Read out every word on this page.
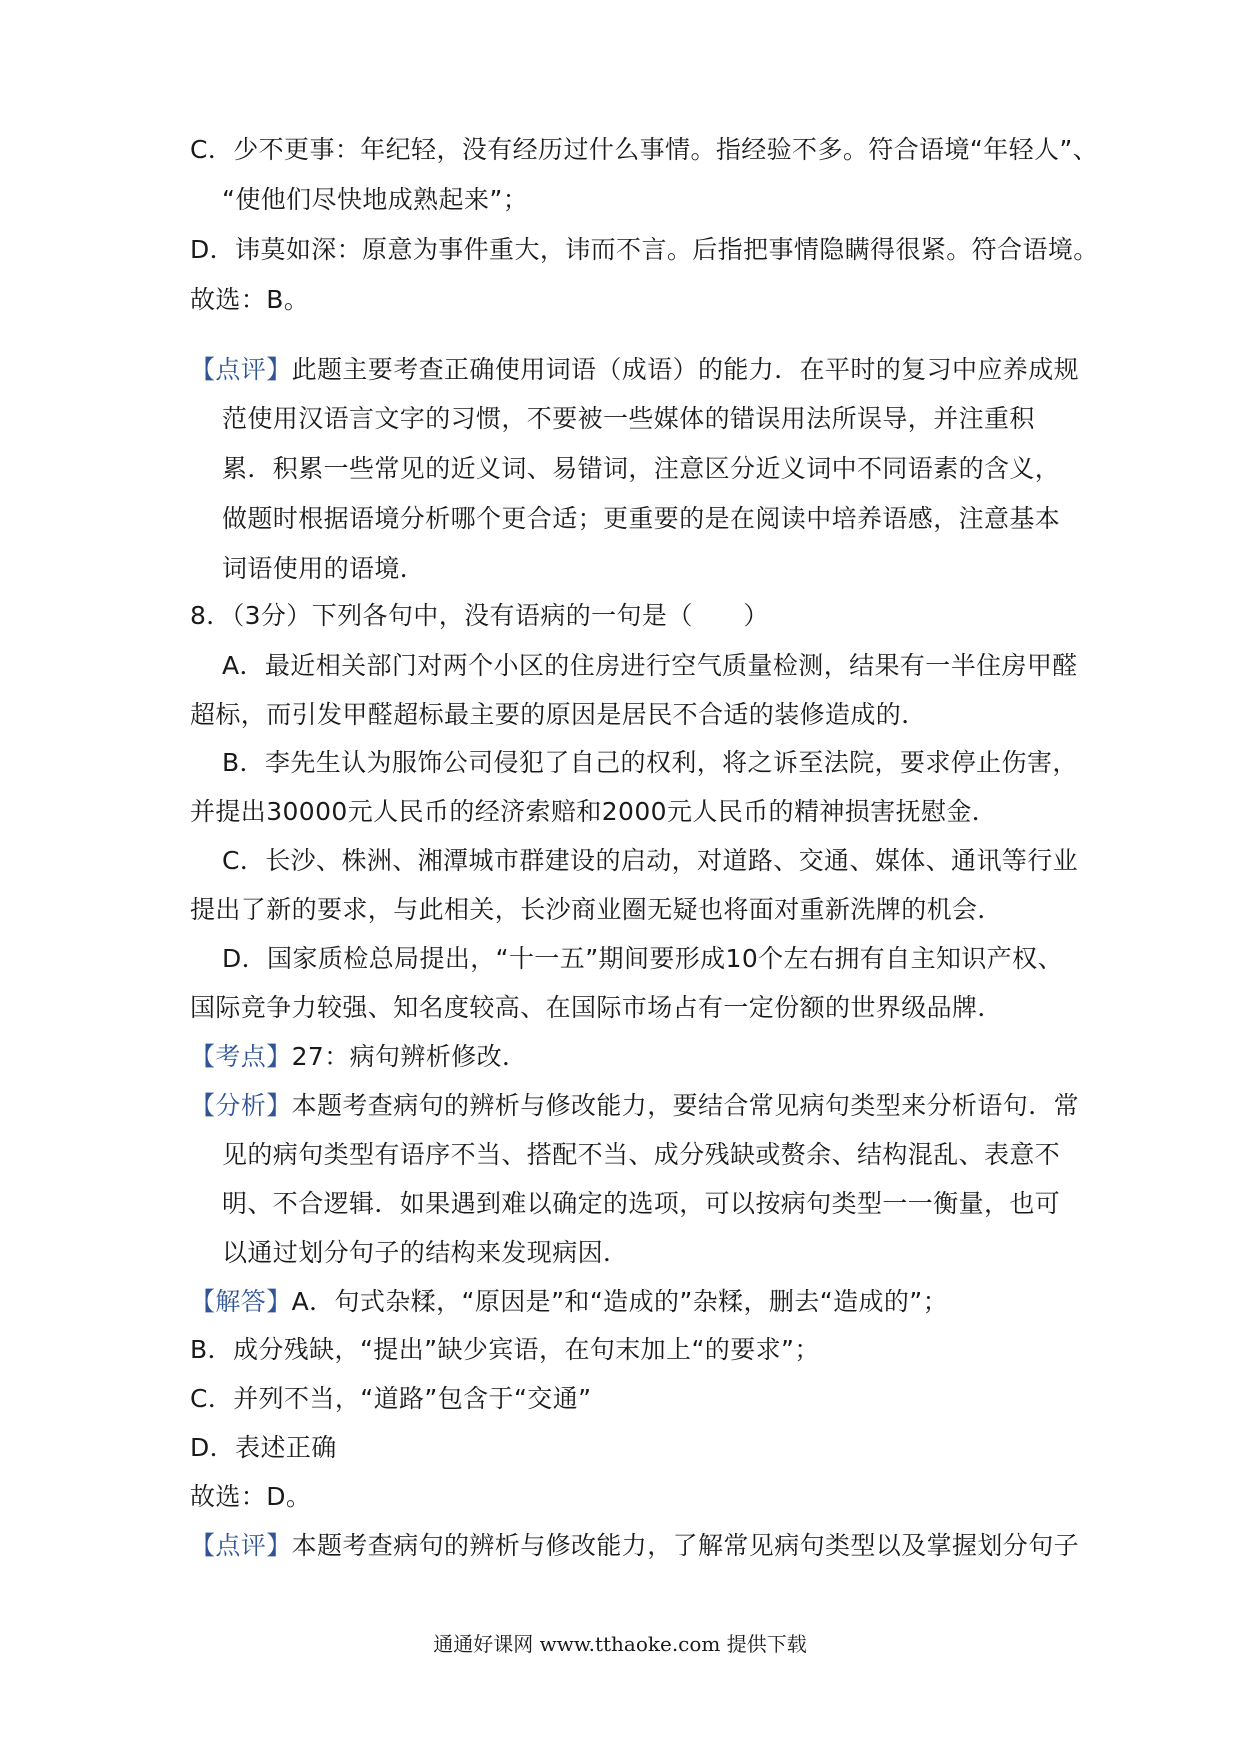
C．少不更事：年纪轻，没有经历过什么事情。指经验不多。符合语境“年轻人”、
“使他们尽快地成熟起来”；
D．讳莫如深：原意为事件重大，讳而不言。后指把事情隐瞒得很紧。符合语境。
故选：B。
【点评】此题主要考查正确使用词语（成语）的能力．在平时的复习中应养成规
范使用汉语言文字的习惯，不要被一些媒体的错误用法所误导，并注重积
累．积累一些常见的近义词、易错词，注意区分近义词中不同语素的含义，
做题时根据语境分析哪个更合适；更重要的是在阅读中培养语感，注意基本
词语使用的语境．
8．（3分）下列各句中，没有语病的一句是（　　）
A．最近相关部门对两个小区的住房进行空气质量检测，结果有一半住房甲醛
超标，而引发甲醛超标最主要的原因是居民不合适的装修造成的．
B．李先生认为服饰公司侵犯了自己的权利，将之诉至法院，要求停止伤害，
并提出30000元人民币的经济索赔和2000元人民币的精神损害抚慰金．
C．长沙、株洲、湘潭城市群建设的启动，对道路、交通、媒体、通讯等行业
提出了新的要求，与此相关，长沙商业圈无疑也将面对重新洗牌的机会．
D．国家质检总局提出，“十一五”期间要形成10个左右拥有自主知识产权、
国际竞争力较强、知名度较高、在国际市场占有一定份额的世界级品牌．
【考点】27：病句辨析修改．
【分析】本题考查病句的辨析与修改能力，要结合常见病句类型来分析语句．常
见的病句类型有语序不当、搭配不当、成分残缺或赘余、结构混乱、表意不
明、不合逻辑．如果遇到难以确定的选项，可以按病句类型一一衡量，也可
以通过划分句子的结构来发现病因．
【解答】A．句式杂糅，“原因是”和“造成的”杂糅，删去“造成的”；
B．成分残缺，“提出”缺少宾语，在句末加上“的要求”；
C．并列不当，“道路”包含于“交通”
D．表述正确
故选：D。
【点评】本题考查病句的辨析与修改能力，了解常见病句类型以及掌握划分句子
通通好课网 www.tthaoke.com 提供下载
